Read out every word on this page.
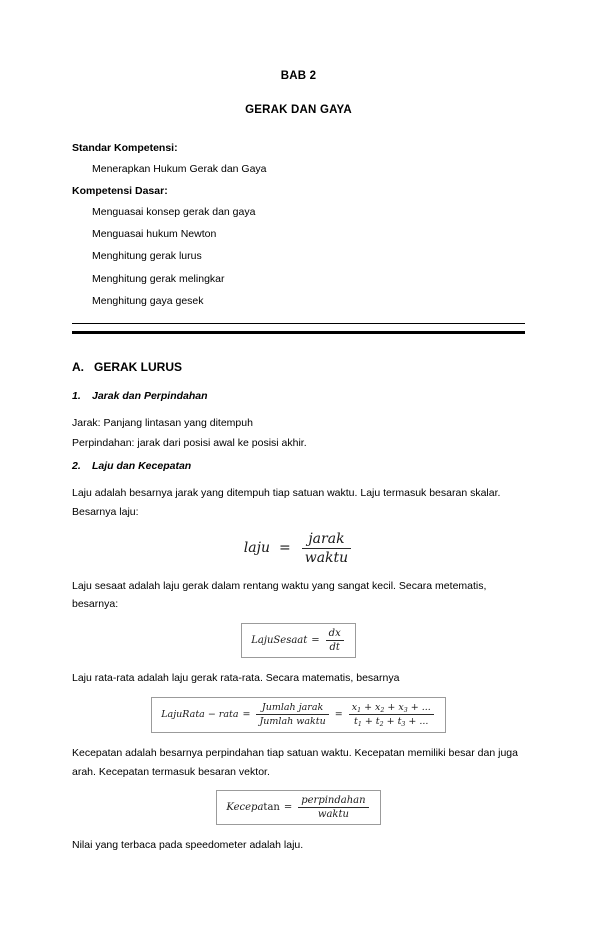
BAB 2
GERAK DAN GAYA
Standar Kompetensi:
Menerapkan Hukum Gerak dan Gaya
Kompetensi Dasar:
Menguasai konsep gerak dan gaya
Menguasai hukum Newton
Menghitung gerak lurus
Menghitung gerak melingkar
Menghitung gaya gesek
A. GERAK LURUS
1.	Jarak dan Perpindahan
Jarak: Panjang lintasan yang ditempuh
Perpindahan: jarak dari posisi awal ke posisi akhir.
2.	Laju dan Kecepatan
Laju adalah besarnya jarak yang ditempuh tiap satuan waktu. Laju termasuk besaran skalar. Besarnya laju:
laju = $\frac{\text{jarak}}{\text{waktu}}$
Laju sesaat adalah laju gerak dalam rentang waktu yang sangat kecil. Secara metematis, besarnya:
LajuSesaat = $\frac{dx}{dt}$
Laju rata-rata adalah laju gerak rata-rata. Secara matematis, besarnya
LajuRata − rata = $\frac{\text{Jumlah jarak}}{\text{Jumlah waktu}} = \frac{x_1 + x_2 + x_3 + ...}{t_1 + t_2 + t_3 + ...}$
Kecepatan adalah besarnya perpindahan tiap satuan waktu. Kecepatan memiliki besar dan juga arah. Kecepatan termasuk besaran vektor.
Kecepa $\tan = \frac{\text{perpindahan}}{\text{waktu}}$
Nilai yang terbaca pada speedometer adalah laju.
